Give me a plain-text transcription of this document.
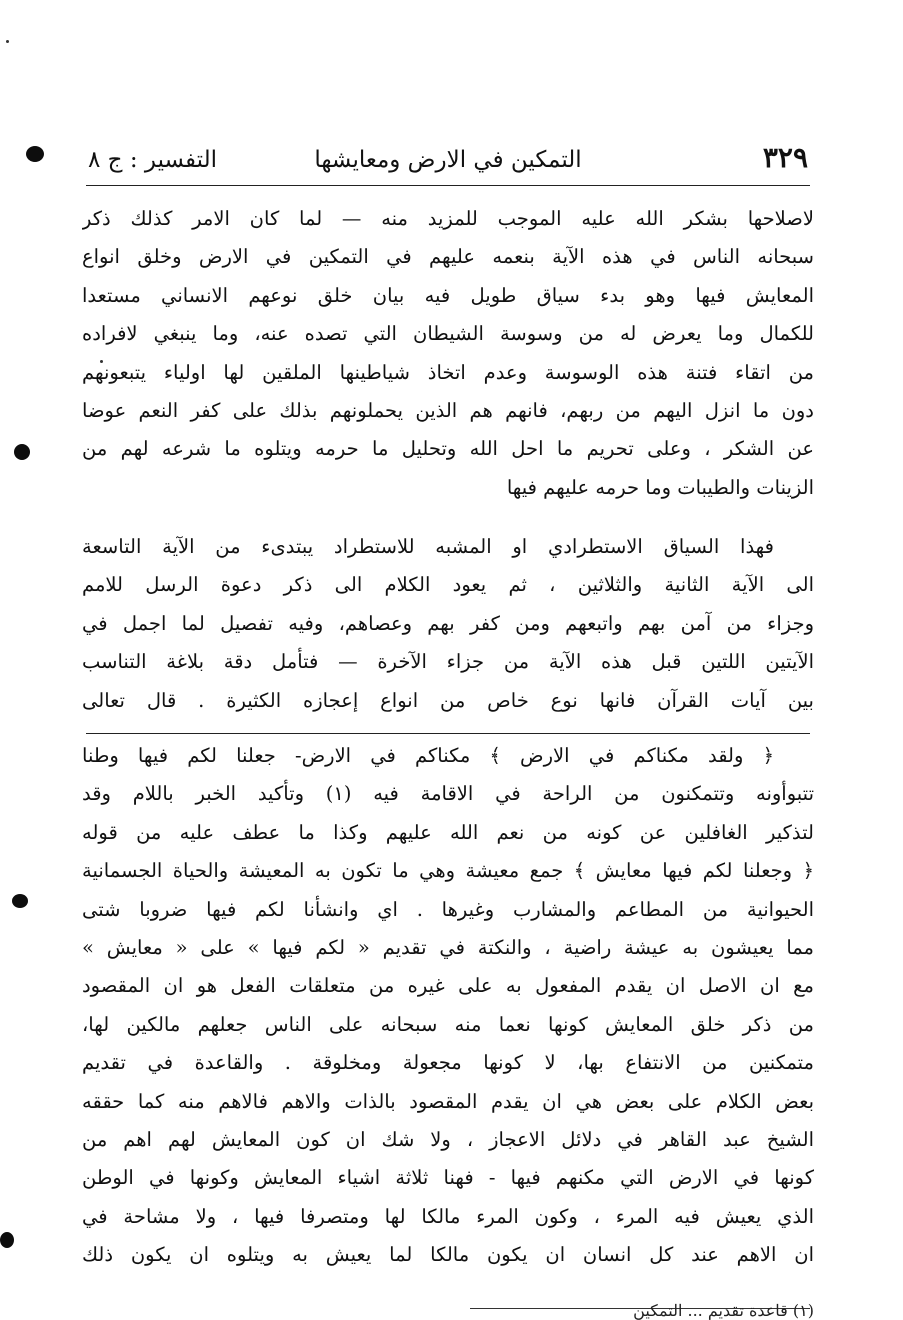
٣٢٩
التمكين في الارض ومعايشها
التفسير : ج ٨
لاصلاحها بشكر الله عليه الموجب للمزيد منه — لما كان الامر كذلك ذكر
سبحانه الناس في هذه الآية بنعمه عليهم في التمكين في الارض وخلق انواع
المعايش فيها وهو بدء سياق طويل فيه بيان خلق نوعهم الانساني مستعدا
للكمال وما يعرض له من وسوسة الشيطان التي تصده عنه، وما ينبغي لافراده
من اتقاء فتنة هذه الوسوسة وعدم اتخاذ شياطينها الملقين لها اولياء يتبعونهم
دون ما انزل اليهم من ربهم، فانهم هم الذين يحملونهم بذلك على كفر النعم عوضا
عن الشكر ، وعلى تحريم ما احل الله وتحليل ما حرمه ويتلوه ما شرعه لهم من
الزينات والطيبات وما حرمه عليهم فيها
فهذا السياق الاستطرادي او المشبه للاستطراد يبتدىء من الآية التاسعة
الى الآية الثانية والثلاثين ، ثم يعود الكلام الى ذكر دعوة الرسل للامم
وجزاء من آمن بهم واتبعهم ومن كفر بهم وعصاهم، وفيه تفصيل لما اجمل في
الآيتين اللتين قبل هذه الآية من جزاء الآخرة — فتأمل دقة بلاغة التناسب
بين آيات القرآن فانها نوع خاص من انواع إعجازه الكثيرة . قال تعالى
﴿ ولقد مكناكم في الارض ﴾ مكناكم في الارض- جعلنا لكم فيها وطنا
تتبوأونه وتتمكنون من الراحة في الاقامة فيه (١) وتأكيد الخبر باللام وقد
لتذكير الغافلين عن كونه من نعم الله عليهم وكذا ما عطف عليه من قوله
﴿ وجعلنا لكم فيها معايش ﴾ جمع معيشة وهي ما تكون به المعيشة والحياة الجسمانية
الحيوانية من المطاعم والمشارب وغيرها . اي وانشأنا لكم فيها ضروبا شتى
مما يعيشون به عيشة راضية ، والنكتة في تقديم « لكم فيها » على « معايش »
مع ان الاصل ان يقدم المفعول به على غيره من متعلقات الفعل هو ان المقصود
من ذكر خلق المعايش كونها نعما منه سبحانه على الناس جعلهم مالكين لها،
متمكنين من الانتفاع بها، لا كونها مجعولة ومخلوقة . والقاعدة في تقديم
بعض الكلام على بعض هي ان يقدم المقصود بالذات والاهم فالاهم منه كما حققه
الشيخ عبد القاهر في دلائل الاعجاز ، ولا شك ان كون المعايش لهم اهم من
كونها في الارض التي مكنهم فيها - فهنا ثلاثة اشياء المعايش وكونها في الوطن
الذي يعيش فيه المرء ، وكون المرء مالكا لها ومتصرفا فيها ، ولا مشاحة في
ان الاهم عند كل انسان ان يكون مالكا لما يعيش به ويتلوه ان يكون ذلك
(١) قاعدة تقديم ... التمكين
